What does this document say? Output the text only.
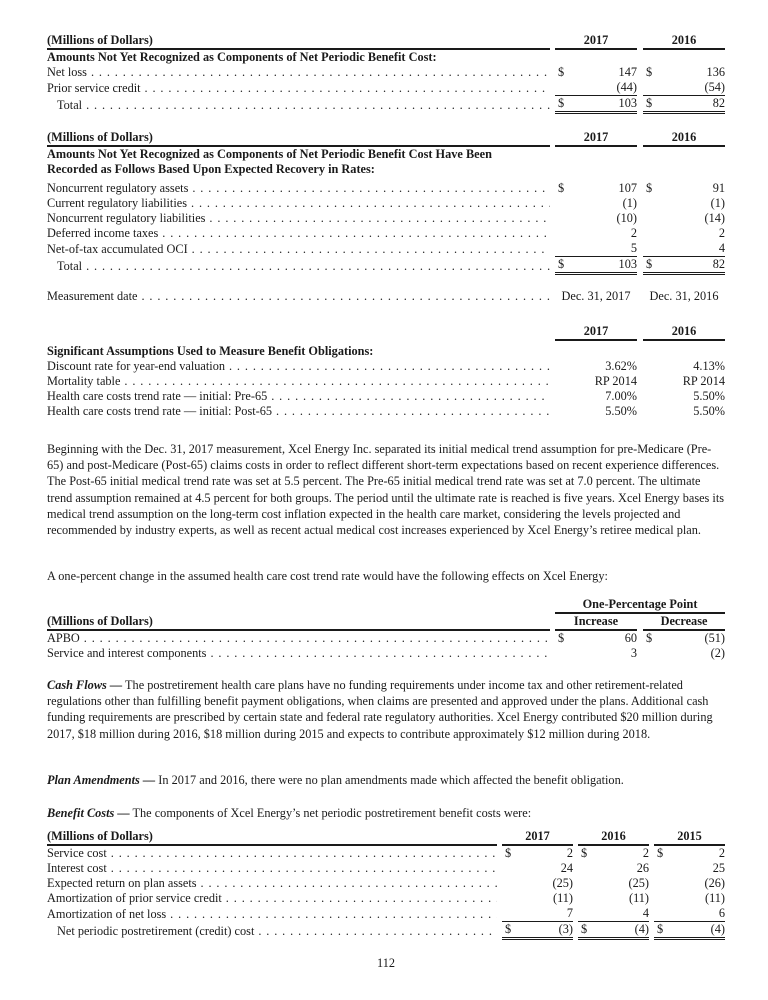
(Millions of Dollars)		2017		2016
Amounts Not Yet Recognized as Components of Net Periodic Benefit Cost:				
Net loss . . .		$ 147		$ 136

Prior service credit . . .		(44)		(54)
Total . . .		$ 103		$ 82
(Millions of Dollars)		2017		2016
Amounts Not Yet Recognized as Components of Net Periodic Benefit Cost Have Been				
Recorded as Follows Based Upon Expected Recovery in Rates:				

Noncurrent regulatory assets . . .		$ 107		$ 91

Current regulatory liabilities . . .		(1)		(1)
Noncurrent regulatory liabilities . . .		(10)		(14)
Deferred income taxes . . .		2		2
Net-of-tax accumulated OCI . . .		5		4
Total . . .		$ 103		$ 82

Measurement date . . .		Dec. 31, 2017		Dec. 31, 2016
		2017		2016
Significant Assumptions Used to Measure Benefit Obligations:				
Discount rate for year-end valuation . . .		3.62%		4.13%
Mortality table . . .		RP 2014		RP 2014
Health care costs trend rate — initial: Pre-65 . . .		7.00%		5.50%
Health care costs trend rate — initial: Post-65 . . .		5.50%		5.50%

Beginning with the Dec. 31, 2017 measurement, Xcel Energy Inc. separated its initial medical trend assumption for pre-Medicare (Pre-65) and post-Medicare (Post-65) claims costs in order to reflect different short-term expectations based on recent experience differences. The Post-65 initial medical trend rate was set at 5.5 percent. The Pre-65 initial medical trend rate was set at 7.0 percent. The ultimate trend assumption remained at 4.5 percent for both groups. The period until the ultimate rate is reached is five years. Xcel Energy bases its medical trend assumption on the long-term cost inflation expected in the health care market, considering the levels projected and recommended by industry experts, as well as recent actual medical cost increases experienced by Xcel Energy’s retiree medical plan.

A one-percent change in the assumed health care cost trend rate would have the following effects on Xcel Energy:

		One-Percentage Point		
(Millions of Dollars)		Increase		Decrease
APBO . . .		$ 60		$ (51)

Service and interest components . . .		3		(2)

Cash Flows — The postretirement health care plans have no funding requirements under income tax and other retirement-related regulations other than fulfilling benefit payment obligations, when claims are presented and approved under the plans. Additional cash funding requirements are prescribed by certain state and federal rate regulatory authorities. Xcel Energy contributed $20 million during 2017, $18 million during 2016, $18 million during 2015 and expects to contribute approximately $12 million during 2018.

Plan Amendments — In 2017 and 2016, there were no plan amendments made which affected the benefit obligation.

Benefit Costs — The components of Xcel Energy’s net periodic postretirement benefit costs were:

(Millions of Dollars)		2017		2016		2015
Service cost . . .		$ 2		$ 2		$ 2

Interest cost . . .		24		26		25
Expected return on plan assets . . .		(25)		(25)		(26)
Amortization of prior service credit . . .		(11)		(11)		(11)
Amortization of net loss . . .		7		4		6
Net periodic postretirement (credit) cost . . .		$ (3)		$ (4)		$ (4)
112
